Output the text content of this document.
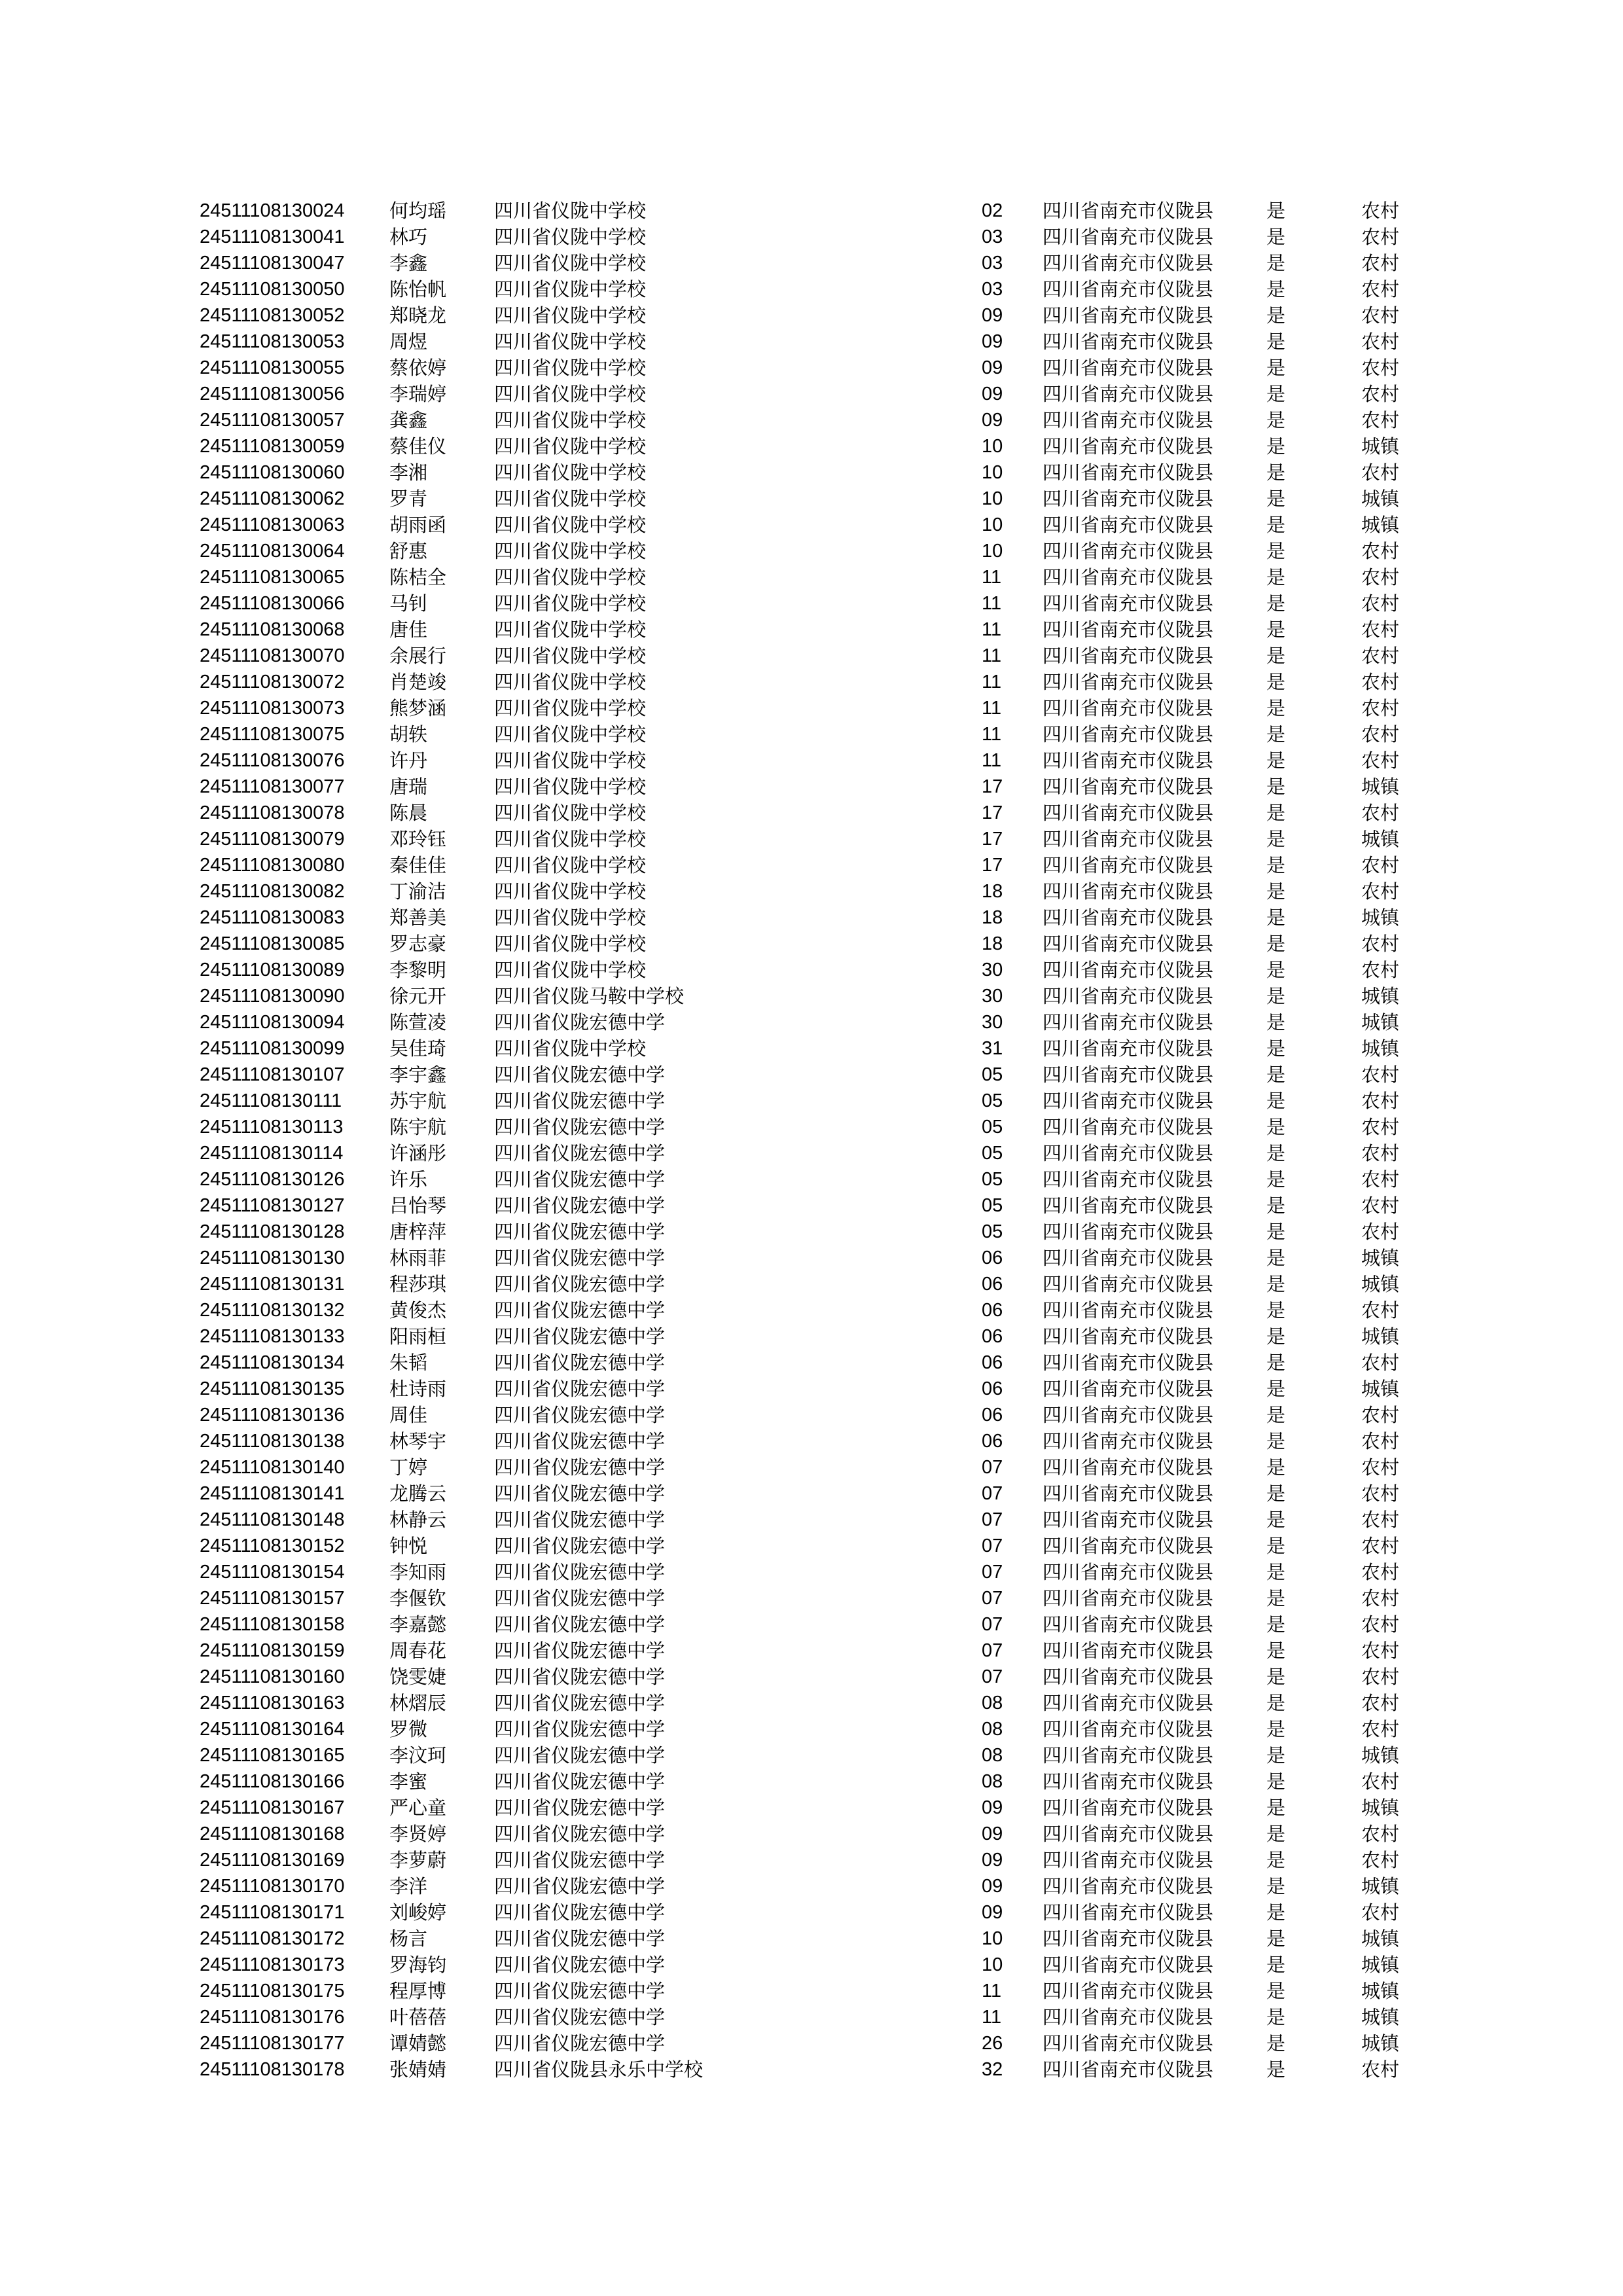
24511108130024 何均瑶	四川省仪陇中学校	02 四川省南充市仪陇县	是	农村
24511108130041 林巧	四川省仪陇中学校	03 四川省南充市仪陇县	是	农村
24511108130047 李鑫	四川省仪陇中学校	03 四川省南充市仪陇县	是	农村
24511108130050 陈怡帆	四川省仪陇中学校	03 四川省南充市仪陇县	是	农村
24511108130052 郑晓龙	四川省仪陇中学校	09 四川省南充市仪陇县	是	农村
24511108130053 周煜	四川省仪陇中学校	09 四川省南充市仪陇县	是	农村
24511108130055 蔡依婷	四川省仪陇中学校	09 四川省南充市仪陇县	是	农村
24511108130056 李瑞婷	四川省仪陇中学校	09 四川省南充市仪陇县	是	农村
24511108130057 龚鑫	四川省仪陇中学校	09 四川省南充市仪陇县	是	农村
24511108130059 蔡佳仪	四川省仪陇中学校	10 四川省南充市仪陇县	是	城镇
24511108130060 李湘	四川省仪陇中学校	10 四川省南充市仪陇县	是	农村
24511108130062 罗青	四川省仪陇中学校	10 四川省南充市仪陇县	是	城镇
24511108130063 胡雨函	四川省仪陇中学校	10 四川省南充市仪陇县	是	城镇
24511108130064 舒惠	四川省仪陇中学校	10 四川省南充市仪陇县	是	农村
24511108130065 陈桔全	四川省仪陇中学校	11 四川省南充市仪陇县	是	农村
24511108130066 马钊	四川省仪陇中学校	11 四川省南充市仪陇县	是	农村
24511108130068 唐佳	四川省仪陇中学校	11 四川省南充市仪陇县	是	农村
24511108130070 余展行	四川省仪陇中学校	11 四川省南充市仪陇县	是	农村
24511108130072 肖楚竣	四川省仪陇中学校	11 四川省南充市仪陇县	是	农村
24511108130073 熊梦涵	四川省仪陇中学校	11 四川省南充市仪陇县	是	农村
24511108130075 胡轶	四川省仪陇中学校	11 四川省南充市仪陇县	是	农村
24511108130076 许丹	四川省仪陇中学校	11 四川省南充市仪陇县	是	农村
24511108130077 唐瑞	四川省仪陇中学校	17 四川省南充市仪陇县	是	城镇
24511108130078 陈晨	四川省仪陇中学校	17 四川省南充市仪陇县	是	农村
24511108130079 邓玲钰	四川省仪陇中学校	17 四川省南充市仪陇县	是	城镇
24511108130080 秦佳佳	四川省仪陇中学校	17 四川省南充市仪陇县	是	农村
24511108130082 丁渝洁	四川省仪陇中学校	18 四川省南充市仪陇县	是	农村
24511108130083 郑善美	四川省仪陇中学校	18 四川省南充市仪陇县	是	城镇
24511108130085 罗志豪	四川省仪陇中学校	18 四川省南充市仪陇县	是	农村
24511108130089 李黎明	四川省仪陇中学校	30 四川省南充市仪陇县	是	农村
24511108130090 徐元开	四川省仪陇马鞍中学校	30 四川省南充市仪陇县	是	城镇
24511108130094 陈萱凌	四川省仪陇宏德中学	30 四川省南充市仪陇县	是	城镇
24511108130099 吴佳琦	四川省仪陇中学校	31 四川省南充市仪陇县	是	城镇
24511108130107 李宇鑫	四川省仪陇宏德中学	05 四川省南充市仪陇县	是	农村
24511108130111	苏宇航	四川省仪陇宏德中学	05 四川省南充市仪陇县	是	农村
24511108130113 陈宇航	四川省仪陇宏德中学	05 四川省南充市仪陇县	是	农村
24511108130114 许涵彤	四川省仪陇宏德中学	05 四川省南充市仪陇县	是	农村
24511108130126 许乐	四川省仪陇宏德中学	05 四川省南充市仪陇县	是	农村
24511108130127 吕怡琴	四川省仪陇宏德中学	05 四川省南充市仪陇县	是	农村
24511108130128 唐梓萍	四川省仪陇宏德中学	05 四川省南充市仪陇县	是	农村
24511108130130 林雨菲	四川省仪陇宏德中学	06 四川省南充市仪陇县	是	城镇
24511108130131 程莎琪	四川省仪陇宏德中学	06 四川省南充市仪陇县	是	城镇
24511108130132 黄俊杰	四川省仪陇宏德中学	06 四川省南充市仪陇县	是	农村
24511108130133 阳雨桓	四川省仪陇宏德中学	06 四川省南充市仪陇县	是	城镇
24511108130134 朱韬	四川省仪陇宏德中学	06 四川省南充市仪陇县	是	农村
24511108130135 杜诗雨	四川省仪陇宏德中学	06 四川省南充市仪陇县	是	城镇
24511108130136 周佳	四川省仪陇宏德中学	06 四川省南充市仪陇县	是	农村
24511108130138 林琴宇	四川省仪陇宏德中学	06 四川省南充市仪陇县	是	农村
24511108130140 丁婷	四川省仪陇宏德中学	07 四川省南充市仪陇县	是	农村
24511108130141 龙腾云	四川省仪陇宏德中学	07 四川省南充市仪陇县	是	农村
24511108130148 林静云	四川省仪陇宏德中学	07 四川省南充市仪陇县	是	农村
24511108130152 钟悦	四川省仪陇宏德中学	07 四川省南充市仪陇县	是	农村
24511108130154 李知雨	四川省仪陇宏德中学	07 四川省南充市仪陇县	是	农村
24511108130157 李偃钦	四川省仪陇宏德中学	07 四川省南充市仪陇县	是	农村
24511108130158 李嘉懿	四川省仪陇宏德中学	07 四川省南充市仪陇县	是	农村
24511108130159 周春花	四川省仪陇宏德中学	07 四川省南充市仪陇县	是	农村
24511108130160 饶雯婕	四川省仪陇宏德中学	07 四川省南充市仪陇县	是	农村
24511108130163 林熠辰	四川省仪陇宏德中学	08 四川省南充市仪陇县	是	农村
24511108130164 罗微	四川省仪陇宏德中学	08 四川省南充市仪陇县	是	农村
24511108130165 李汶珂	四川省仪陇宏德中学	08 四川省南充市仪陇县	是	城镇
24511108130166 李蜜	四川省仪陇宏德中学	08 四川省南充市仪陇县	是	农村
24511108130167 严心童	四川省仪陇宏德中学	09 四川省南充市仪陇县	是	城镇
24511108130168 李贤婷	四川省仪陇宏德中学	09 四川省南充市仪陇县	是	农村
24511108130169 李萝蔚	四川省仪陇宏德中学	09 四川省南充市仪陇县	是	农村
24511108130170 李洋	四川省仪陇宏德中学	09 四川省南充市仪陇县	是	城镇
24511108130171 刘峻婷	四川省仪陇宏德中学	09 四川省南充市仪陇县	是	农村
24511108130172 杨言	四川省仪陇宏德中学	10 四川省南充市仪陇县	是	城镇
24511108130173 罗海钧	四川省仪陇宏德中学	10 四川省南充市仪陇县	是	城镇
24511108130175 程厚博	四川省仪陇宏德中学	11 四川省南充市仪陇县	是	城镇
24511108130176 叶蓓蓓	四川省仪陇宏德中学	11 四川省南充市仪陇县	是	城镇
24511108130177 谭婧懿	四川省仪陇宏德中学	26 四川省南充市仪陇县	是	城镇
24511108130178 张婧婧	四川省仪陇县永乐中学校	32 四川省南充市仪陇县	是	农村
